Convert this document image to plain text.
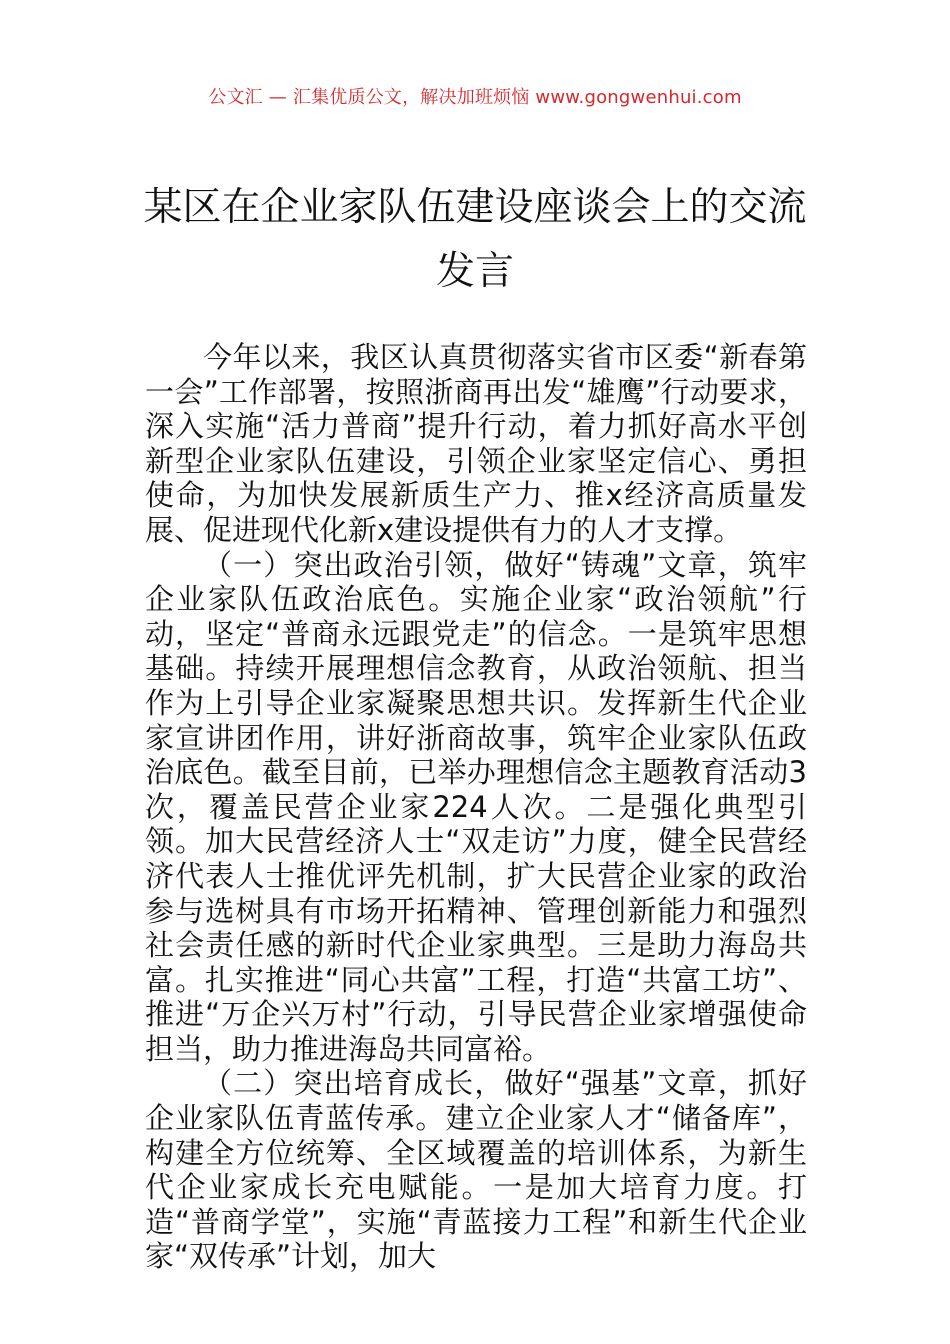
公文汇 — 汇集优质公文，解决加班烦恼 www.gongwenhui.com
某区在企业家队伍建设座谈会上的交流发言

今年以来，我区认真贯彻落实省市区委“新春第一会”工作部署，按照浙商再出发“雄鹰”行动要求，深入实施“活力普商”提升行动，着力抓好高水平创新型企业家队伍建设，引领企业家坚定信心、勇担使命，为加快发展新质生产力、推x经济高质量发展、促进现代化新x建设提供有力的人才支撑。

（一）突出政治引领，做好“铸魂”文章，筑牢企业家队伍政治底色。实施企业家“政治领航”行动，坚定“普商永远跟党走”的信念。一是筑牢思想基础。持续开展理想信念教育，从政治领航、担当作为上引导企业家凝聚思想共识。发挥新生代企业家宣讲团作用，讲好浙商故事，筑牢企业家队伍政治底色。截至目前，已举办理想信念主题教育活动3次，覆盖民营企业家224人次。二是强化典型引领。加大民营经济人士“双走访”力度，健全民营经济代表人士推优评先机制，扩大民营企业家的政治参与选树具有市场开拓精神、管理创新能力和强烈社会责任感的新时代企业家典型。三是助力海岛共富。扎实推进“同心共富”工程，打造“共富工坊”、推进“万企兴万村”行动，引导民营企业家增强使命担当，助力推进海岛共同富裕。

（二）突出培育成长，做好“强基”文章，抓好企业家队伍青蓝传承。建立企业家人才“储备库”，构建全方位统筹、全区域覆盖的培训体系，为新生代企业家成长充电赋能。一是加大培育力度。打造“普商学堂”，实施“青蓝接力工程”和新生代企业家“双传承”计划，加大
